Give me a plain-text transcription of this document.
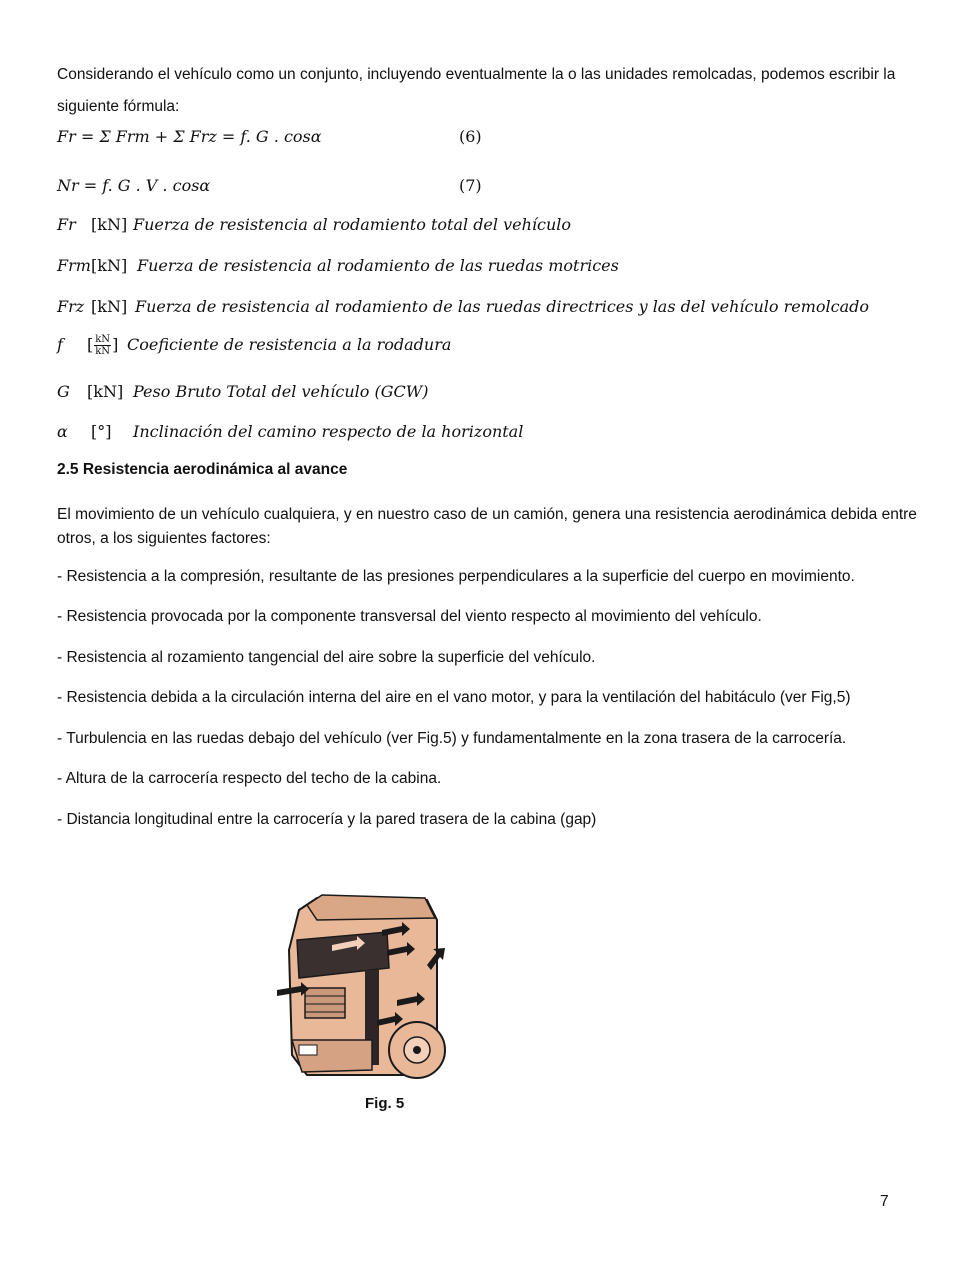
Considerando el vehículo como un conjunto, incluyendo eventualmente la o las unidades remolcadas, podemos escribir la siguiente fórmula:
Fr = Σ Frm + Σ Frz = f. G . cosα	(6)
Nr = f. G . V . cosα	(7)
Fr [kN] Fuerza de resistencia al rodamiento total del vehículo
Frm[kN] Fuerza de resistencia al rodamiento de las ruedas motrices
Frz [kN] Fuerza de resistencia al rodamiento de las ruedas directrices y las del vehículo remolcado
f [ $\frac{kN}{kN}$ ] Coeficiente de resistencia a la rodadura
G [kN] Peso Bruto Total del vehículo (GCW)
α [°] Inclinación del camino respecto de la horizontal
2.5 Resistencia aerodinámica al avance
El movimiento de un vehículo cualquiera, y en nuestro caso de un camión, genera una resistencia aerodinámica debida entre otros, a los siguientes factores:
- Resistencia a la compresión, resultante de las presiones perpendiculares a la superficie del cuerpo en movimiento.
- Resistencia provocada por la componente transversal del viento respecto al movimiento del vehículo.
- Resistencia al rozamiento tangencial del aire sobre la superficie del vehículo.
- Resistencia debida a la circulación interna del aire en el vano motor, y para la ventilación del habitáculo (ver Fig,5)
- Turbulencia en las ruedas debajo del vehículo (ver Fig.5) y fundamentalmente en la zona trasera de la carrocería.
- Altura de la carrocería respecto del techo de la cabina.
- Distancia longitudinal entre la carrocería y la pared trasera de la cabina (gap)
Fig. 5
7
